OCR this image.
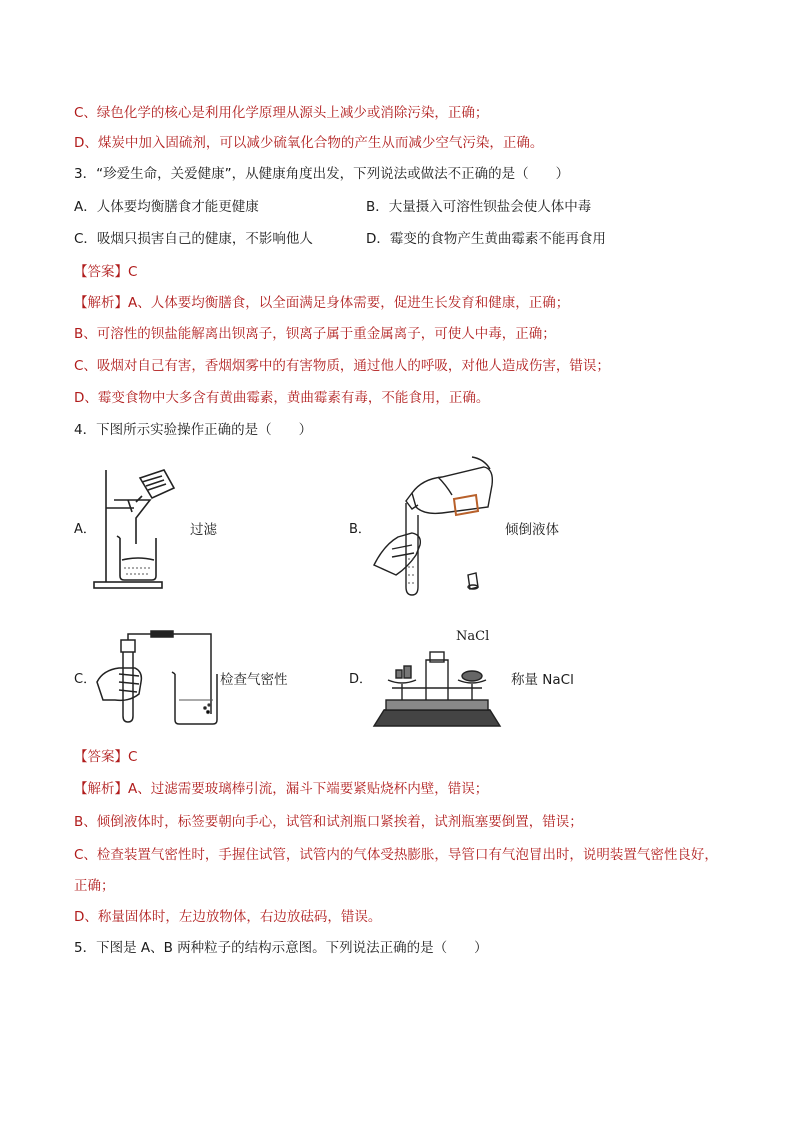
C、绿色化学的核心是利用化学原理从源头上减少或消除污染，正确；
D、煤炭中加入固硫剂，可以减少硫氧化合物的产生从而减少空气污染，正确。
3．“珍爱生命，关爱健康”，从健康角度出发，下列说法或做法不正确的是（　　）
A．人体要均衡膳食才能更健康	B．大量摄入可溶性钡盐会使人体中毒
C．吸烟只损害自己的健康，不影响他人	D．霉变的食物产生黄曲霉素不能再食用
【答案】C
【解析】A、人体要均衡膳食，以全面满足身体需要，促进生长发育和健康，正确；
B、可溶性的钡盐能解离出钡离子，钡离子属于重金属离子，可使人中毒，正确；
C、吸烟对自己有害，香烟烟雾中的有害物质，通过他人的呼吸，对他人造成伤害，错误；
D、霉变食物中大多含有黄曲霉素，黄曲霉素有毒，不能食用，正确。
4．下图所示实验操作正确的是（　　）
A．	过滤	B．	倾倒液体
C．	检查气密性	D．
NaCl
称量 NaCl
【答案】C
【解析】A、过滤需要玻璃棒引流，漏斗下端要紧贴烧杯内壁，错误；
B、倾倒液体时，标签要朝向手心，试管和试剂瓶口紧挨着，试剂瓶塞要倒置，错误；
C、检查装置气密性时，手握住试管，试管内的气体受热膨胀，导管口有气泡冒出时，说明装置气密性良好，
正确；
D、称量固体时，左边放物体，右边放砝码，错误。
5．下图是 A、B 两种粒子的结构示意图。下列说法正确的是（　　）
